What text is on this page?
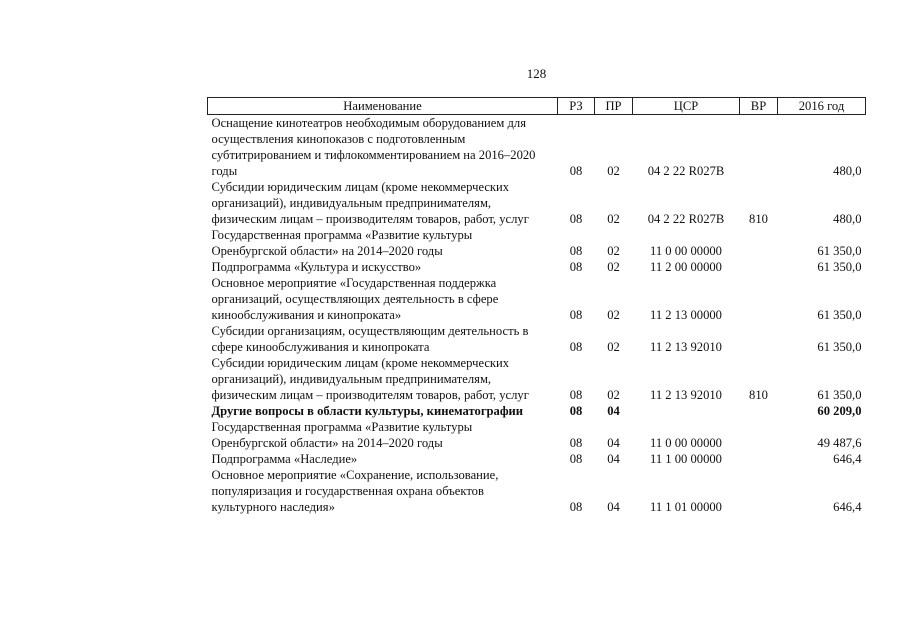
128
Наименование	РЗ	ПР	ЦСР	ВР	2016 год

Оснащение кинотеатров необходимым оборудованием для
осуществления кинопоказов с подготовленным
субтитрированием и тифлокомментированием на 2016–2020
годы	08	02	04 2 22 R027B		480,0

Субсидии юридическим лицам (кроме некоммерческих
организаций), индивидуальным предпринимателям,
физическим лицам – производителям товаров, работ, услуг	08	02	04 2 22 R027B	810	480,0

Государственная программа «Развитие культуры
Оренбургской области» на 2014–2020 годы	08	02	11 0 00 00000		61 350,0

Подпрограмма «Культура и искусство»	08	02	11 2 00 00000		61 350,0

Основное мероприятие «Государственная поддержка
организаций, осуществляющих деятельность в сфере
кинообслуживания и кинопроката»	08	02	11 2 13 00000		61 350,0

Субсидии организациям, осуществляющим деятельность в
сфере кинообслуживания и кинопроката	08	02	11 2 13 92010		61 350,0

Субсидии юридическим лицам (кроме некоммерческих
организаций), индивидуальным предпринимателям,
физическим лицам – производителям товаров, работ, услуг	08	02	11 2 13 92010	810	61 350,0

Другие вопросы в области культуры, кинематографии	08	04			60 209,0

Государственная программа «Развитие культуры
Оренбургской области» на 2014–2020 годы	08	04	11 0 00 00000		49 487,6

Подпрограмма «Наследие»	08	04	11 1 00 00000		646,4

Основное мероприятие «Сохранение, использование,
популяризация и государственная охрана объектов
культурного наследия»	08	04	11 1 01 00000		646,4
